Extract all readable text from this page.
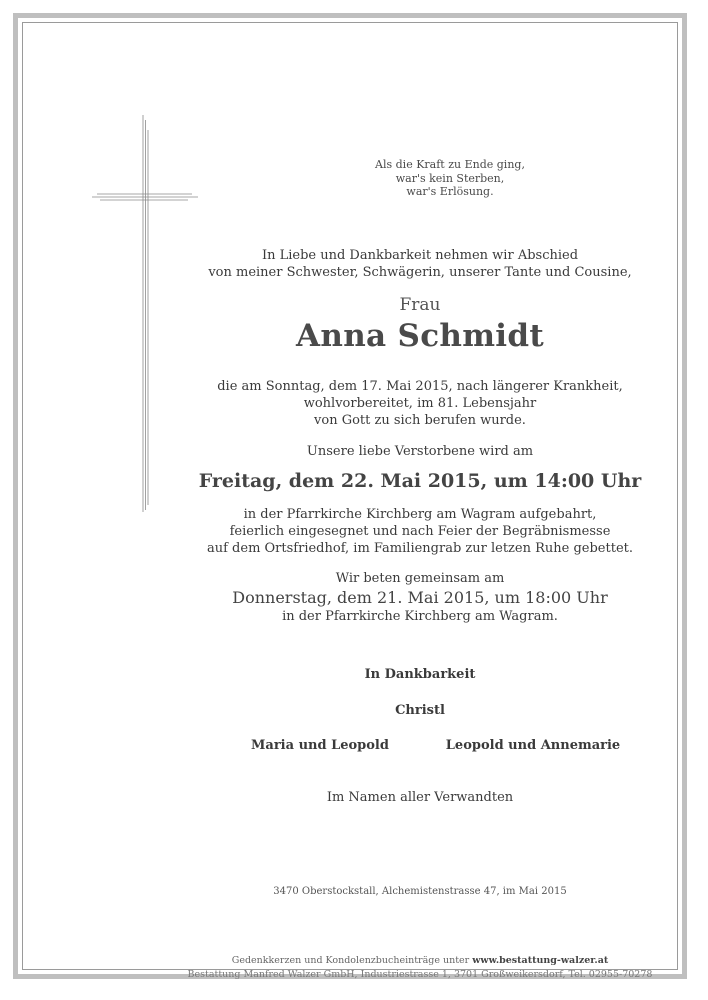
Als die Kraft zu Ende ging,
war's kein Sterben,
war's Erlösung.
In Liebe und Dankbarkeit nehmen wir Abschied
von meiner Schwester, Schwägerin, unserer Tante und Cousine,
Frau
Anna Schmidt
die am Sonntag, dem 17. Mai 2015, nach längerer Krankheit,
wohlvorbereitet, im 81. Lebensjahr
von Gott zu sich berufen wurde.
Unsere liebe Verstorbene wird am
Freitag, dem 22. Mai 2015, um 14:00 Uhr
in der Pfarrkirche Kirchberg am Wagram aufgebahrt,
feierlich eingesegnet und nach Feier der Begräbnismesse
auf dem Ortsfriedhof, im Familiengrab zur letzen Ruhe gebettet.
Wir beten gemeinsam am
Donnerstag, dem 21. Mai 2015, um 18:00 Uhr
in der Pfarrkirche Kirchberg am Wagram.
In Dankbarkeit
Christl
Maria und Leopold	Leopold und Annemarie
Im Namen aller Verwandten
3470 Oberstockstall, Alchemistenstrasse 47, im Mai 2015
Gedenkkerzen und Kondolenzbucheinträge unter www.bestattung-walzer.at
Bestattung Manfred Walzer GmbH, Industriestrasse 1, 3701 Großweikersdorf, Tel. 02955-70278
